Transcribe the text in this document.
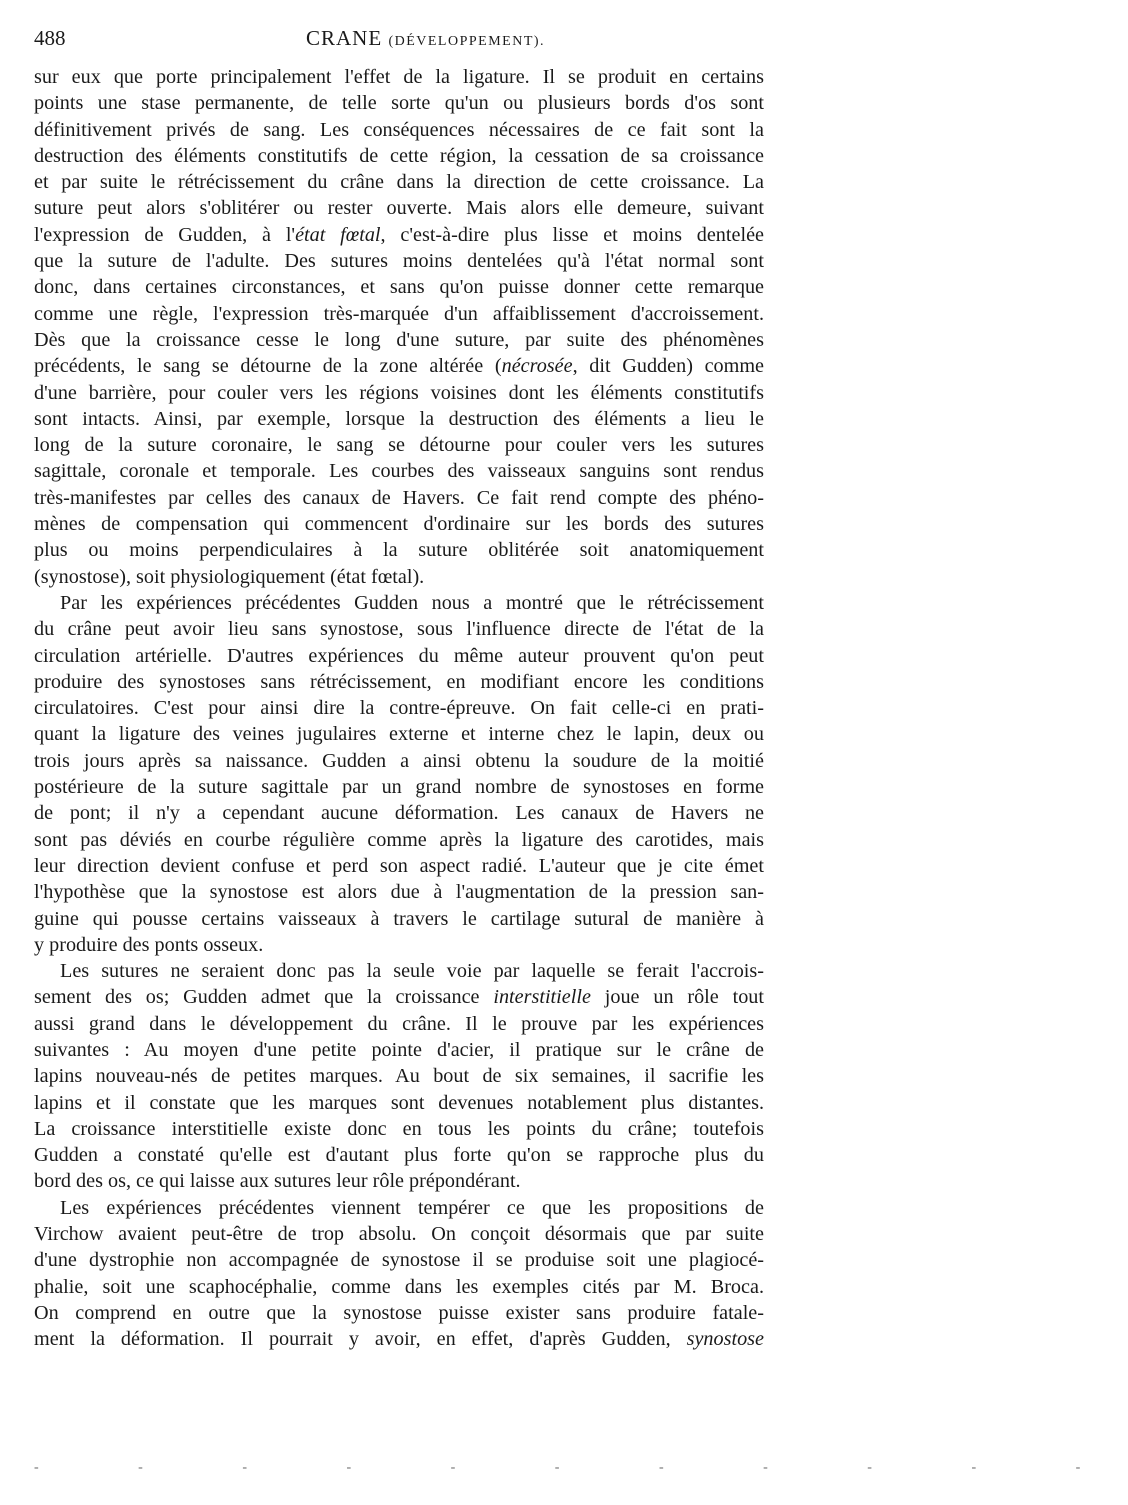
488	CRANE (DÉVELOPPEMENT).
sur eux que porte principalement l'effet de la ligature. Il se produit en certains
points une stase permanente, de telle sorte qu'un ou plusieurs bords d'os sont
définitivement privés de sang. Les conséquences nécessaires de ce fait sont la
destruction des éléments constitutifs de cette région, la cessation de sa croissance
et par suite le rétrécissement du crâne dans la direction de cette croissance. La
suture peut alors s'oblitérer ou rester ouverte. Mais alors elle demeure, suivant
l'expression de Gudden, à l'état fœtal, c'est-à-dire plus lisse et moins dentelée
que la suture de l'adulte. Des sutures moins dentelées qu'à l'état normal sont
donc, dans certaines circonstances, et sans qu'on puisse donner cette remarque
comme une règle, l'expression très-marquée d'un affaiblissement d'accroissement.
Dès que la croissance cesse le long d'une suture, par suite des phénomènes
précédents, le sang se détourne de la zone altérée (nécrosée, dit Gudden) comme
d'une barrière, pour couler vers les régions voisines dont les éléments constitutifs
sont intacts. Ainsi, par exemple, lorsque la destruction des éléments a lieu le
long de la suture coronaire, le sang se détourne pour couler vers les sutures
sagittale, coronale et temporale. Les courbes des vaisseaux sanguins sont rendus
très-manifestes par celles des canaux de Havers. Ce fait rend compte des phéno-
mènes de compensation qui commencent d'ordinaire sur les bords des sutures
plus ou moins perpendiculaires à la suture oblitérée soit anatomiquement
(synostose), soit physiologiquement (état fœtal).
Par les expériences précédentes Gudden nous a montré que le rétrécissement
du crâne peut avoir lieu sans synostose, sous l'influence directe de l'état de la
circulation artérielle. D'autres expériences du même auteur prouvent qu'on peut
produire des synostoses sans rétrécissement, en modifiant encore les conditions
circulatoires. C'est pour ainsi dire la contre-épreuve. On fait celle-ci en prati-
quant la ligature des veines jugulaires externe et interne chez le lapin, deux ou
trois jours après sa naissance. Gudden a ainsi obtenu la soudure de la moitié
postérieure de la suture sagittale par un grand nombre de synostoses en forme
de pont; il n'y a cependant aucune déformation. Les canaux de Havers ne
sont pas déviés en courbe régulière comme après la ligature des carotides, mais
leur direction devient confuse et perd son aspect radié. L'auteur que je cite émet
l'hypothèse que la synostose est alors due à l'augmentation de la pression san-
guine qui pousse certains vaisseaux à travers le cartilage sutural de manière à
y produire des ponts osseux.
Les sutures ne seraient donc pas la seule voie par laquelle se ferait l'accrois-
sement des os; Gudden admet que la croissance interstitielle joue un rôle tout
aussi grand dans le développement du crâne. Il le prouve par les expériences
suivantes : Au moyen d'une petite pointe d'acier, il pratique sur le crâne de
lapins nouveau-nés de petites marques. Au bout de six semaines, il sacrifie les
lapins et il constate que les marques sont devenues notablement plus distantes.
La croissance interstitielle existe donc en tous les points du crâne; toutefois
Gudden a constaté qu'elle est d'autant plus forte qu'on se rapproche plus du
bord des os, ce qui laisse aux sutures leur rôle prépondérant.
Les expériences précédentes viennent tempérer ce que les propositions de
Virchow avaient peut-être de trop absolu. On conçoit désormais que par suite
d'une dystrophie non accompagnée de synostose il se produise soit une plagiocé-
phalie, soit une scaphocéphalie, comme dans les exemples cités par M. Broca.
On comprend en outre que la synostose puisse exister sans produire fatale-
ment la déformation. Il pourrait y avoir, en effet, d'après Gudden, synostose
- - - - - - - - - - -
